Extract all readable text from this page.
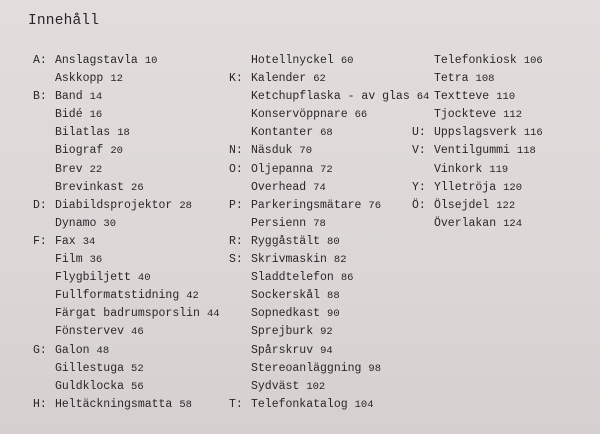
Innehåll
A: Anslagstavla 10
Askkopp 12
B: Band 14
Bidé 16
Bilatlas 18
Biograf 20
Brev 22
Brevinkast 26
D: Diabildsprojektor 28
Dynamo 30
F: Fax 34
Film 36
Flygbiljett 40
Fullformatstidning 42
Färgat badrumsporslin 44
Fönstervev 46
G: Galon 48
Gillestuga 52
Guldklocka 56
H: Heltäckningsmatta 58
Hotellnyckel 60
K: Kalender 62
Ketchupflaska - av glas 64
Konservöppnare 66
Kontanter 68
N: Näsduk 70
O: Oljepanna 72
Overhead 74
P: Parkeringsmätare 76
Persienn 78
R: Ryggåstält 80
S: Skrivmaskin 82
Sladdtelefon 86
Sockerskål 88
Sopnedkast 90
Sprejburk 92
Spårskruv 94
Stereoanläggning 98
Sydväst 102
T: Telefonkatalog 104
Telefonkiosk 106
Tetra 108
Textteve 110
Tjockteve 112
U: Uppslagsverk 116
V: Ventilgummi 118
Vinkork 119
Y: Ylletröja 120
Ö: Ölsejdel 122
Överlakan 124
